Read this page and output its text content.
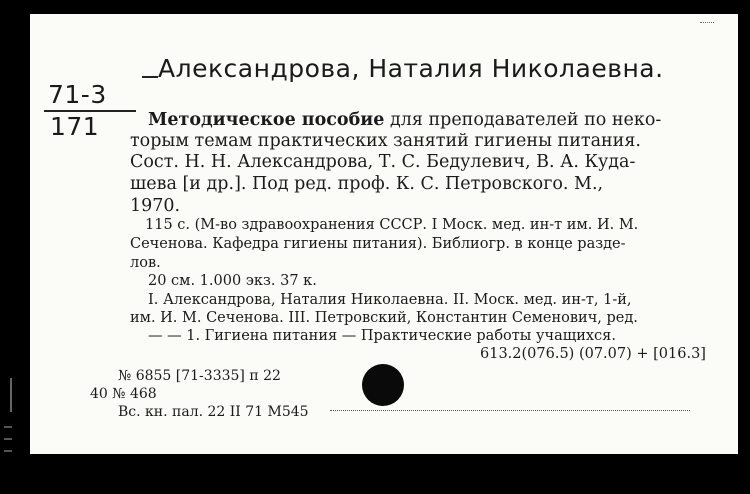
Александрова, Наталия Николаевна.
71-3
171	Методическое пособие для преподавателей по неко-
торым темам практических занятий гигиены питания.
Сост. Н. Н. Александрова, Т. С. Бедулевич, В. А. Куда-
шева [и др.]. Под ред. проф. К. С. Петровского. М.,
1970.
115 с. (М-во здравоохранения СССР. I Моск. мед. ин-т им. И. М.
Сеченова. Кафедра гигиены питания). Библиогр. в конце разде-
лов.
20 см. 1.000 экз. 37 к.
I. Александрова, Наталия Николаевна. II. Моск. мед. ин-т, 1-й,
им. И. М. Сеченова. III. Петровский, Константин Семенович, ред.
— — 1. Гигиена питания — Практические работы учащихся.
613.2(076.5) (07.07) + [016.3]
№ 6855 [71-3335] п 22
40 № 468
Вс. кн. пал. 22 II 71 М545
